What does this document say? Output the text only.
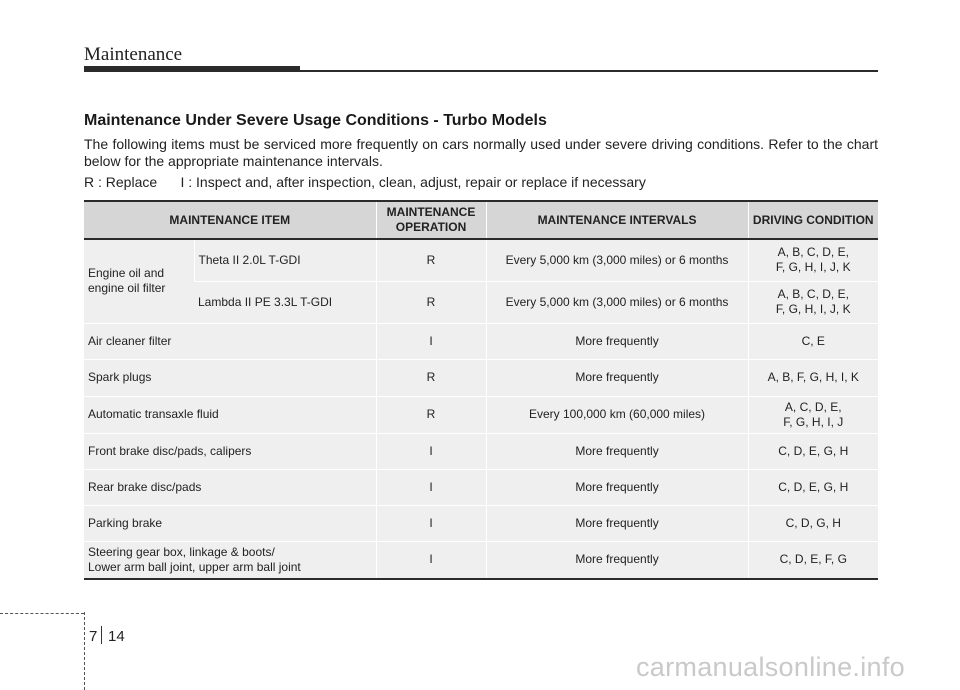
Maintenance
Maintenance Under Severe Usage Conditions - Turbo Models
The following items must be serviced more frequently on cars normally used under severe driving conditions. Refer to the chart below for the appropriate maintenance intervals.
R : Replace      I : Inspect and, after inspection, clean, adjust, repair or replace if necessary
MAINTENANCE ITEM		MAINTENANCE OPERATION	MAINTENANCE INTERVALS	DRIVING CONDITION
Engine oil and engine oil filter	Theta II 2.0L T-GDI	R	Every 5,000 km (3,000 miles) or 6 months	A, B, C, D, E,
F, G, H, I, J, K

	Lambda II PE 3.3L T-GDI	R	Every 5,000 km (3,000 miles) or 6 months	A, B, C, D, E,
F, G, H, I, J, K

Air cleaner filter		I	More frequently	C, E
Spark plugs		R	More frequently	A, B, F, G, H, I, K
Automatic transaxle fluid		R	Every 100,000 km (60,000 miles)	A, C, D, E,
F, G, H, I, J

Front brake disc/pads, calipers		I	More frequently	C, D, E, G, H
Rear brake disc/pads		I	More frequently	C, D, E, G, H
Parking brake		I	More frequently	C, D, G, H

Steering gear box, linkage & boots/
Lower arm ball joint, upper arm ball joint		I	More frequently	C, D, E, F, G
7 14
carmanualsonline.info
